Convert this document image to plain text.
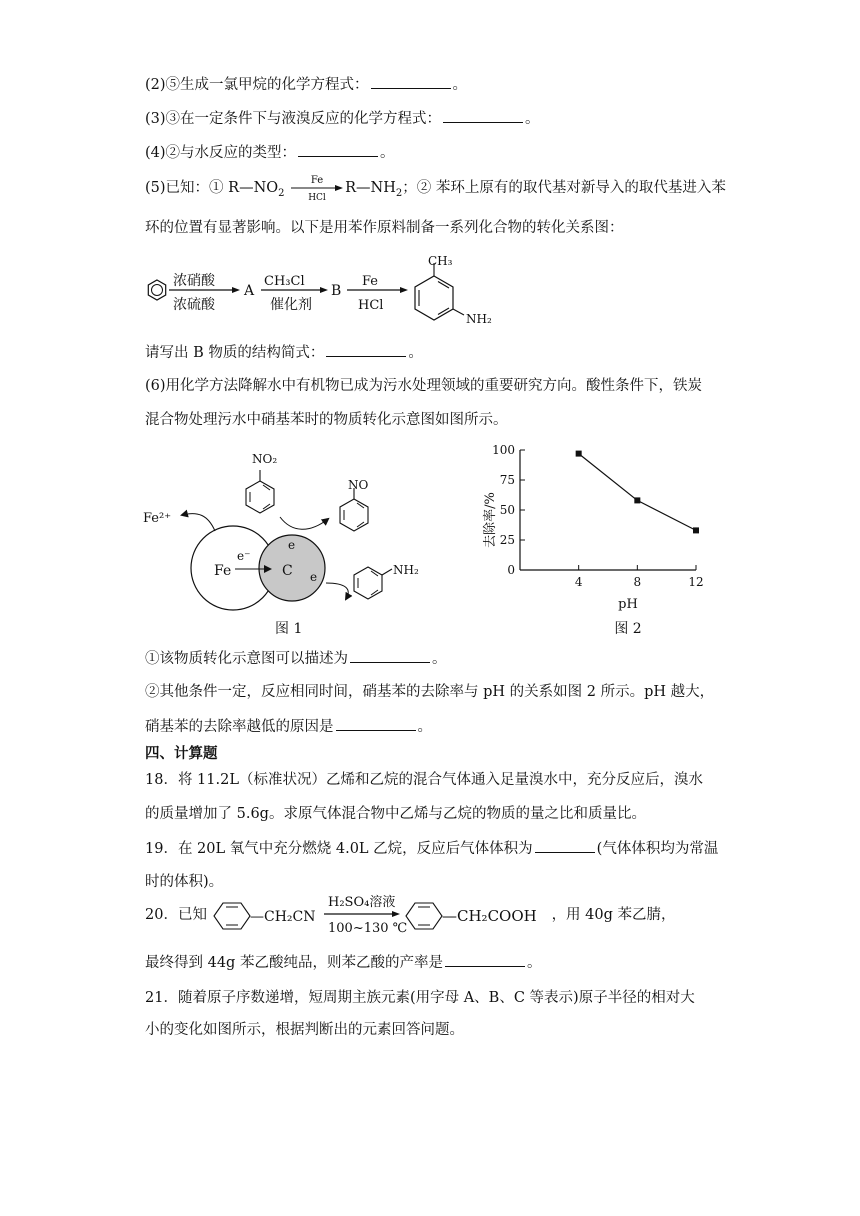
(2)⑤生成一氯甲烷的化学方程式：	。
(3)③在一定条件下与液溴反应的化学方程式：	。
(4)②与水反应的类型：	。
(5)已知：① $R—NO_2$
Fe
HCl
$R—NH_2$；② 苯环上原有的取代基对新导入的取代基进入苯
环的位置有显著影响。以下是用苯作原料制备一系列化合物的转化关系图：
浓硝酸
浓硫酸
A
CH₃Cl
催化剂
B
Fe
HCl
CH₃
NH₂
请写出 B 物质的结构简式：	。
(6)用化学方法降解水中有机物已成为污水处理领域的重要研究方向。酸性条件下，铁炭
混合物处理污水中硝基苯时的物质转化示意图如图所示。
Fe	C
e⁻
e
e
Fe²⁺
NO₂
NO
NH₂
图 1
去除率/%
0
25
50
75
100
4	8	12
pH
图 2
①该物质转化示意图可以描述为	。
②其他条件一定，反应相同时间，硝基苯的去除率与 pH 的关系如图 2 所示。pH 越大，
硝基苯的去除率越低的原因是	。
四、计算题
18．将 11.2L（标准状况）乙烯和乙烷的混合气体通入足量溴水中，充分反应后，溴水
的质量增加了 5.6g。求原气体混合物中乙烯与乙烷的物质的量之比和质量比。
19．在 20L 氧气中充分燃烧 4.0L 乙烷，反应后气体体积为	(气体体积均为常温
时的体积)。
20．已知	—CH₂CN
H₂SO₄溶液
100~130 ℃
—CH₂COOH ，用 40g 苯乙腈，
最终得到 44g 苯乙酸纯品，则苯乙酸的产率是	。
21．随着原子序数递增，短周期主族元素(用字母 A、B、C 等表示)原子半径的相对大
小的变化如图所示，根据判断出的元素回答问题。
